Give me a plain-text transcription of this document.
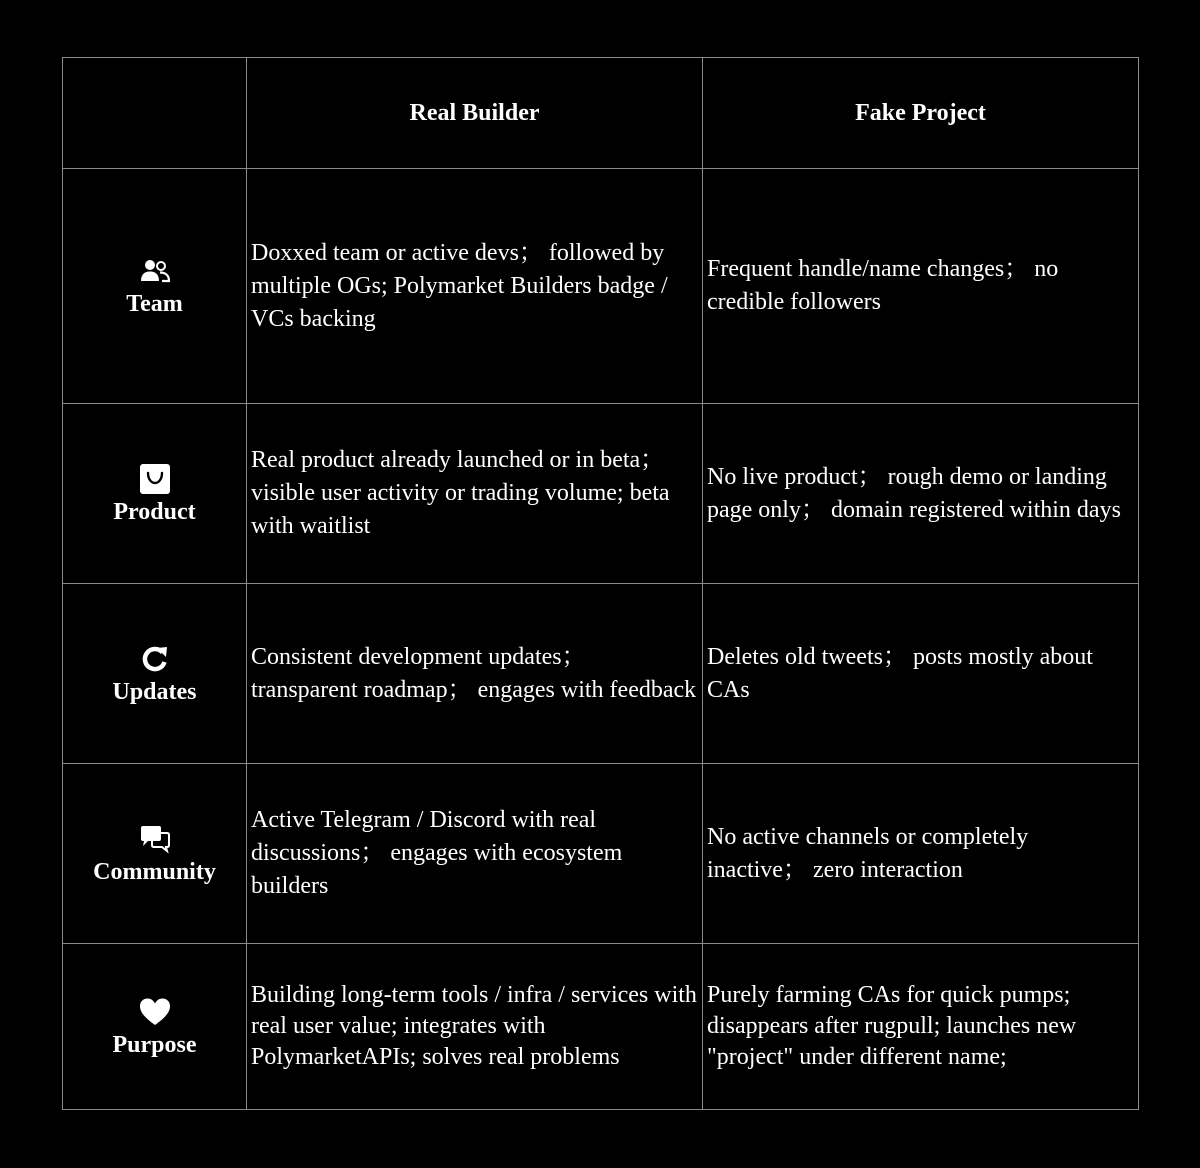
	Real Builder	Fake Project

Team	Doxxed team or active devs； followed by multiple OGs; Polymarket Builders badge / VCs backing	Frequent handle/name changes； no credible followers

Product	Real product already launched or in beta； visible user activity or trading volume; beta with waitlist	No live product； rough demo or landing page only； domain registered within days

Updates	Consistent development updates； transparent roadmap； engages with feedback	Deletes old tweets； posts mostly about CAs

Community	Active Telegram / Discord with real discussions； engages with ecosystem builders	No active channels or completely inactive； zero interaction

Purpose	Building long-term tools / infra / services with real user value; integrates with PolymarketAPIs; solves real problems	Purely farming CAs for quick pumps; disappears after rugpull; launches new "project" under different name;
